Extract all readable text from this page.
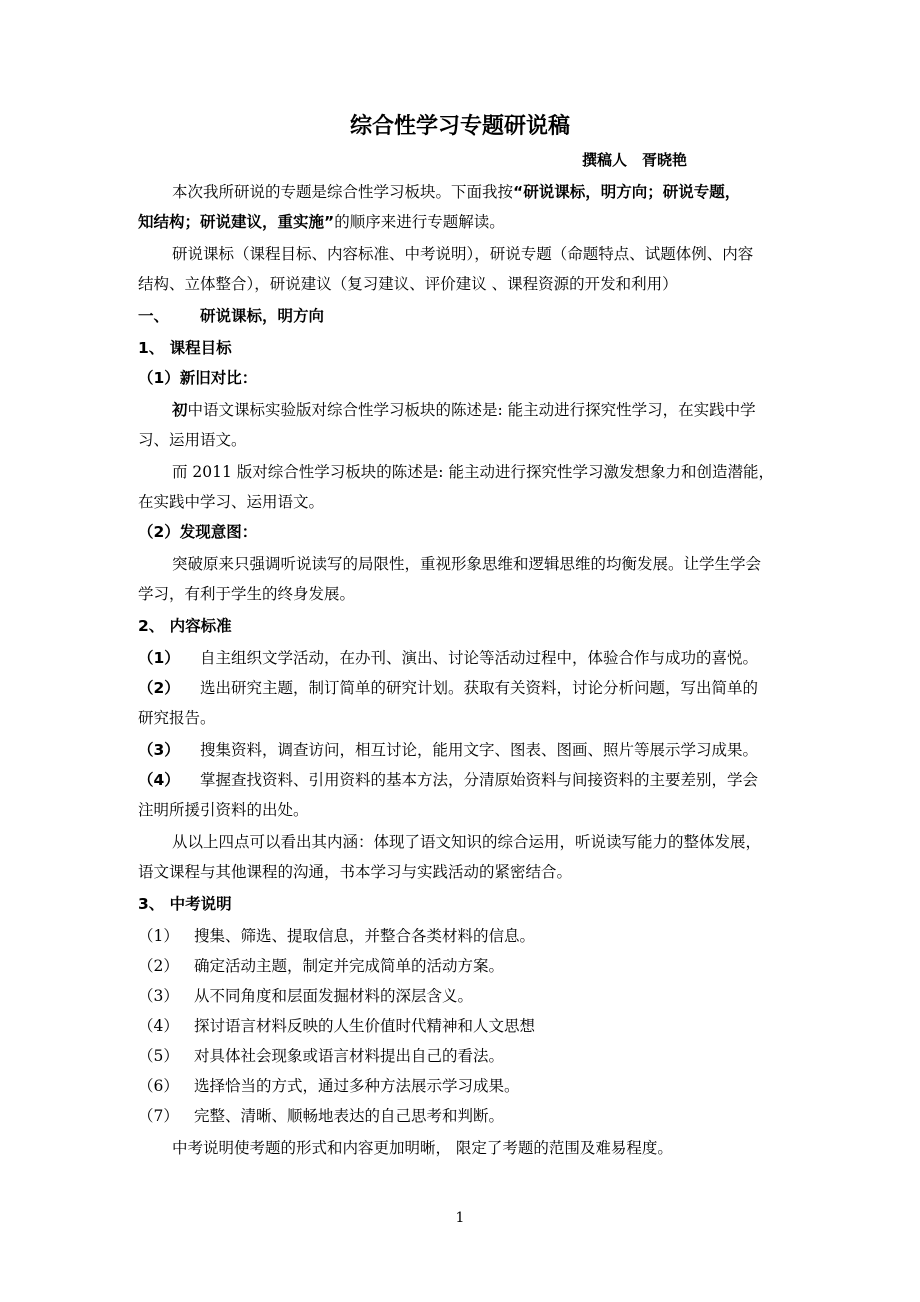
综合性学习专题研说稿
撰稿人　胥晓艳
本次我所研说的专题是综合性学习板块。下面我按“研说课标，明方向；研说专题，
知结构；研说建议，重实施”的顺序来进行专题解读。
研说课标（课程目标、内容标准、中考说明），研说专题（命题特点、试题体例、内容
结构、立体整合），研说建议（复习建议、评价建议 、课程资源的开发和利用）
一、 研说课标，明方向
1、 课程目标
（1）新旧对比：
初中语文课标实验版对综合性学习板块的陈述是: 能主动进行探究性学习，在实践中学
习、运用语文。
而 2011 版对综合性学习板块的陈述是: 能主动进行探究性学习激发想象力和创造潜能，
在实践中学习、运用语文。
（2）发现意图：
突破原来只强调听说读写的局限性，重视形象思维和逻辑思维的均衡发展。让学生学会
学习，有利于学生的终身发展。
2、 内容标准
（1） 自主组织文学活动，在办刊、演出、讨论等活动过程中，体验合作与成功的喜悦。
（2） 选出研究主题，制订简单的研究计划。获取有关资料，讨论分析问题，写出简单的
研究报告。
（3） 搜集资料，调查访问，相互讨论，能用文字、图表、图画、照片等展示学习成果。
（4） 掌握查找资料、引用资料的基本方法，分清原始资料与间接资料的主要差别，学会
注明所援引资料的出处。
从以上四点可以看出其内涵：体现了语文知识的综合运用，听说读写能力的整体发展，
语文课程与其他课程的沟通，书本学习与实践活动的紧密结合。
3、 中考说明
（1） 搜集、筛选、提取信息，并整合各类材料的信息。
（2） 确定活动主题，制定并完成简单的活动方案。
（3） 从不同角度和层面发掘材料的深层含义。
（4） 探讨语言材料反映的人生价值时代精神和人文思想
（5） 对具体社会现象或语言材料提出自己的看法。
（6） 选择恰当的方式，通过多种方法展示学习成果。
（7） 完整、清晰、顺畅地表达的自己思考和判断。
中考说明使考题的形式和内容更加明晰， 限定了考题的范围及难易程度。
1
